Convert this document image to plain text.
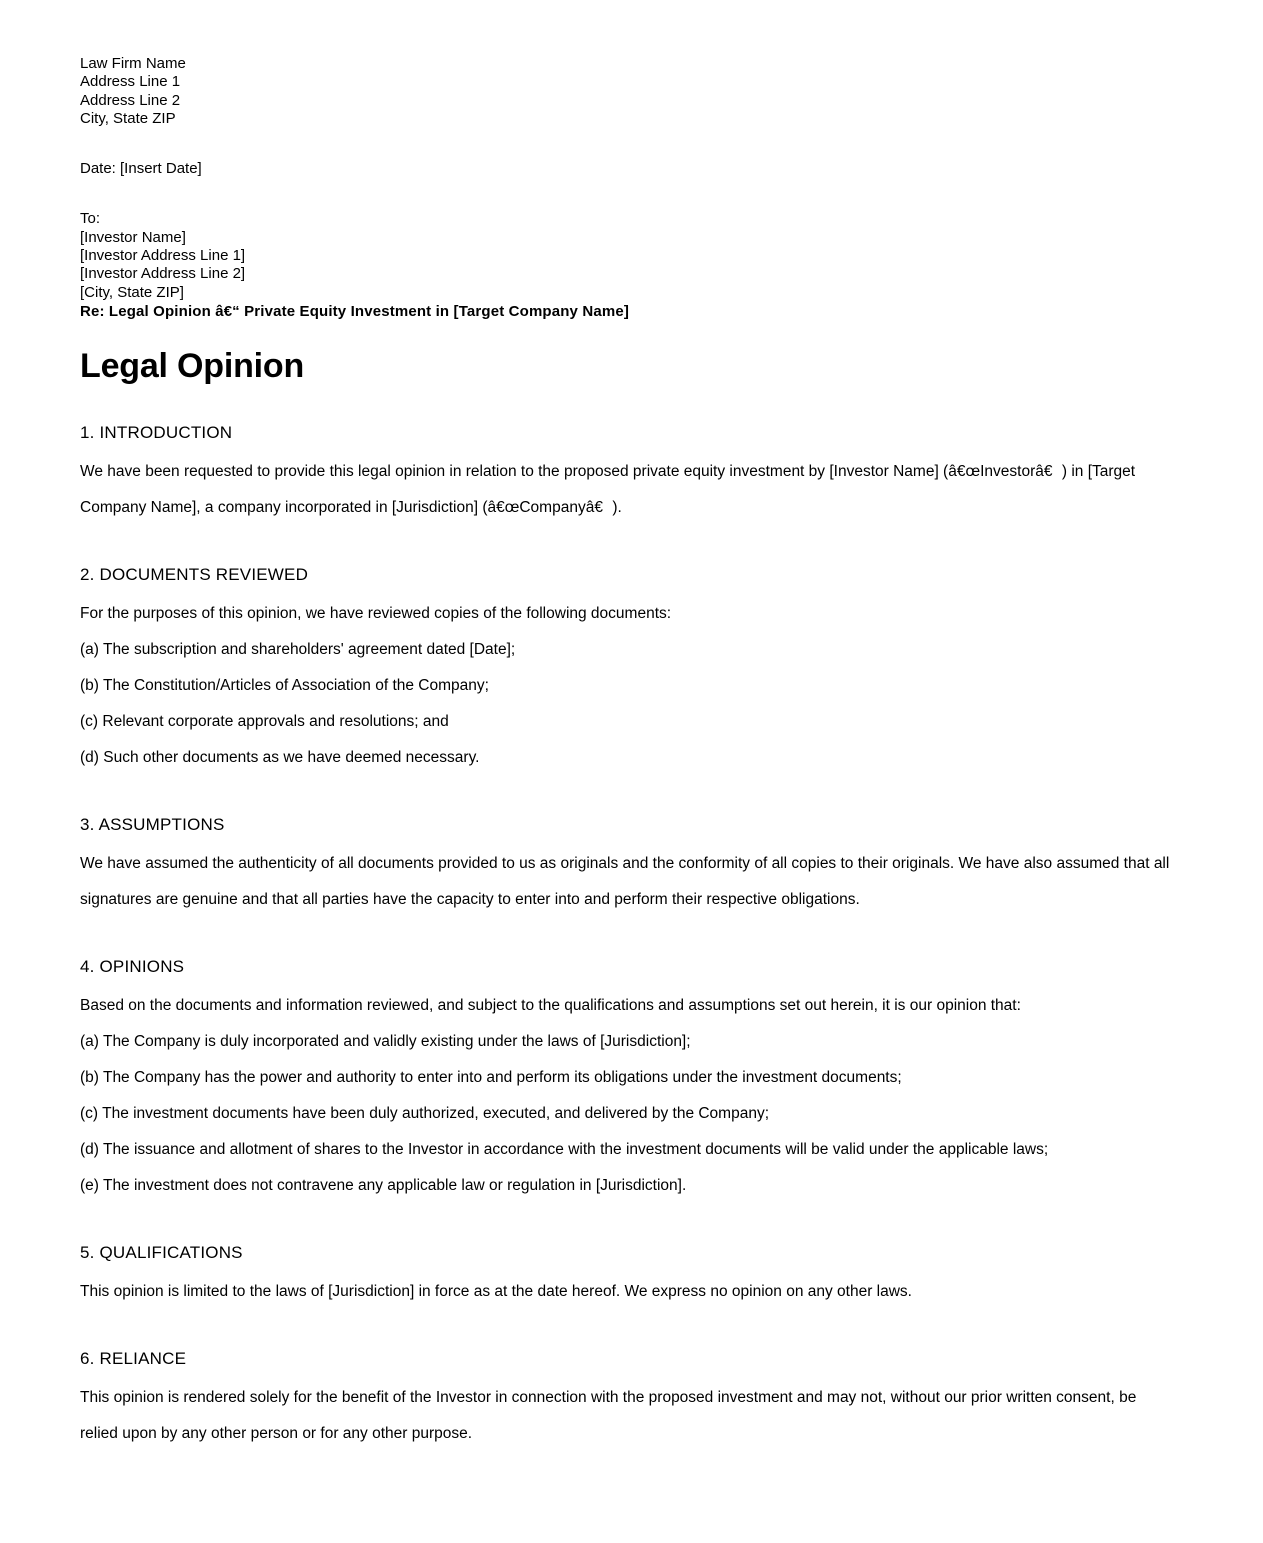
Law Firm Name
Address Line 1
Address Line 2
City, State ZIP
Date: [Insert Date]
To:
[Investor Name]
[Investor Address Line 1]
[Investor Address Line 2]
[City, State ZIP]
Re: Legal Opinion â€“ Private Equity Investment in [Target Company Name]
Legal Opinion
1. INTRODUCTION

We have been requested to provide this legal opinion in relation to the proposed private equity investment by [Investor Name] (â€œInvestorâ€) in [Target Company Name], a company incorporated in [Jurisdiction] (â€œCompanyâ€).

2. DOCUMENTS REVIEWED

For the purposes of this opinion, we have reviewed copies of the following documents:

(a) The subscription and shareholders' agreement dated [Date];

(b) The Constitution/Articles of Association of the Company;

(c) Relevant corporate approvals and resolutions; and

(d) Such other documents as we have deemed necessary.

3. ASSUMPTIONS

We have assumed the authenticity of all documents provided to us as originals and the conformity of all copies to their originals. We have also assumed that all signatures are genuine and that all parties have the capacity to enter into and perform their respective obligations.

4. OPINIONS

Based on the documents and information reviewed, and subject to the qualifications and assumptions set out herein, it is our opinion that:

(a) The Company is duly incorporated and validly existing under the laws of [Jurisdiction];

(b) The Company has the power and authority to enter into and perform its obligations under the investment documents;

(c) The investment documents have been duly authorized, executed, and delivered by the Company;

(d) The issuance and allotment of shares to the Investor in accordance with the investment documents will be valid under the applicable laws;

(e) The investment does not contravene any applicable law or regulation in [Jurisdiction].

5. QUALIFICATIONS

This opinion is limited to the laws of [Jurisdiction] in force as at the date hereof. We express no opinion on any other laws.

6. RELIANCE

This opinion is rendered solely for the benefit of the Investor in connection with the proposed investment and may not, without our prior written consent, be relied upon by any other person or for any other purpose.
